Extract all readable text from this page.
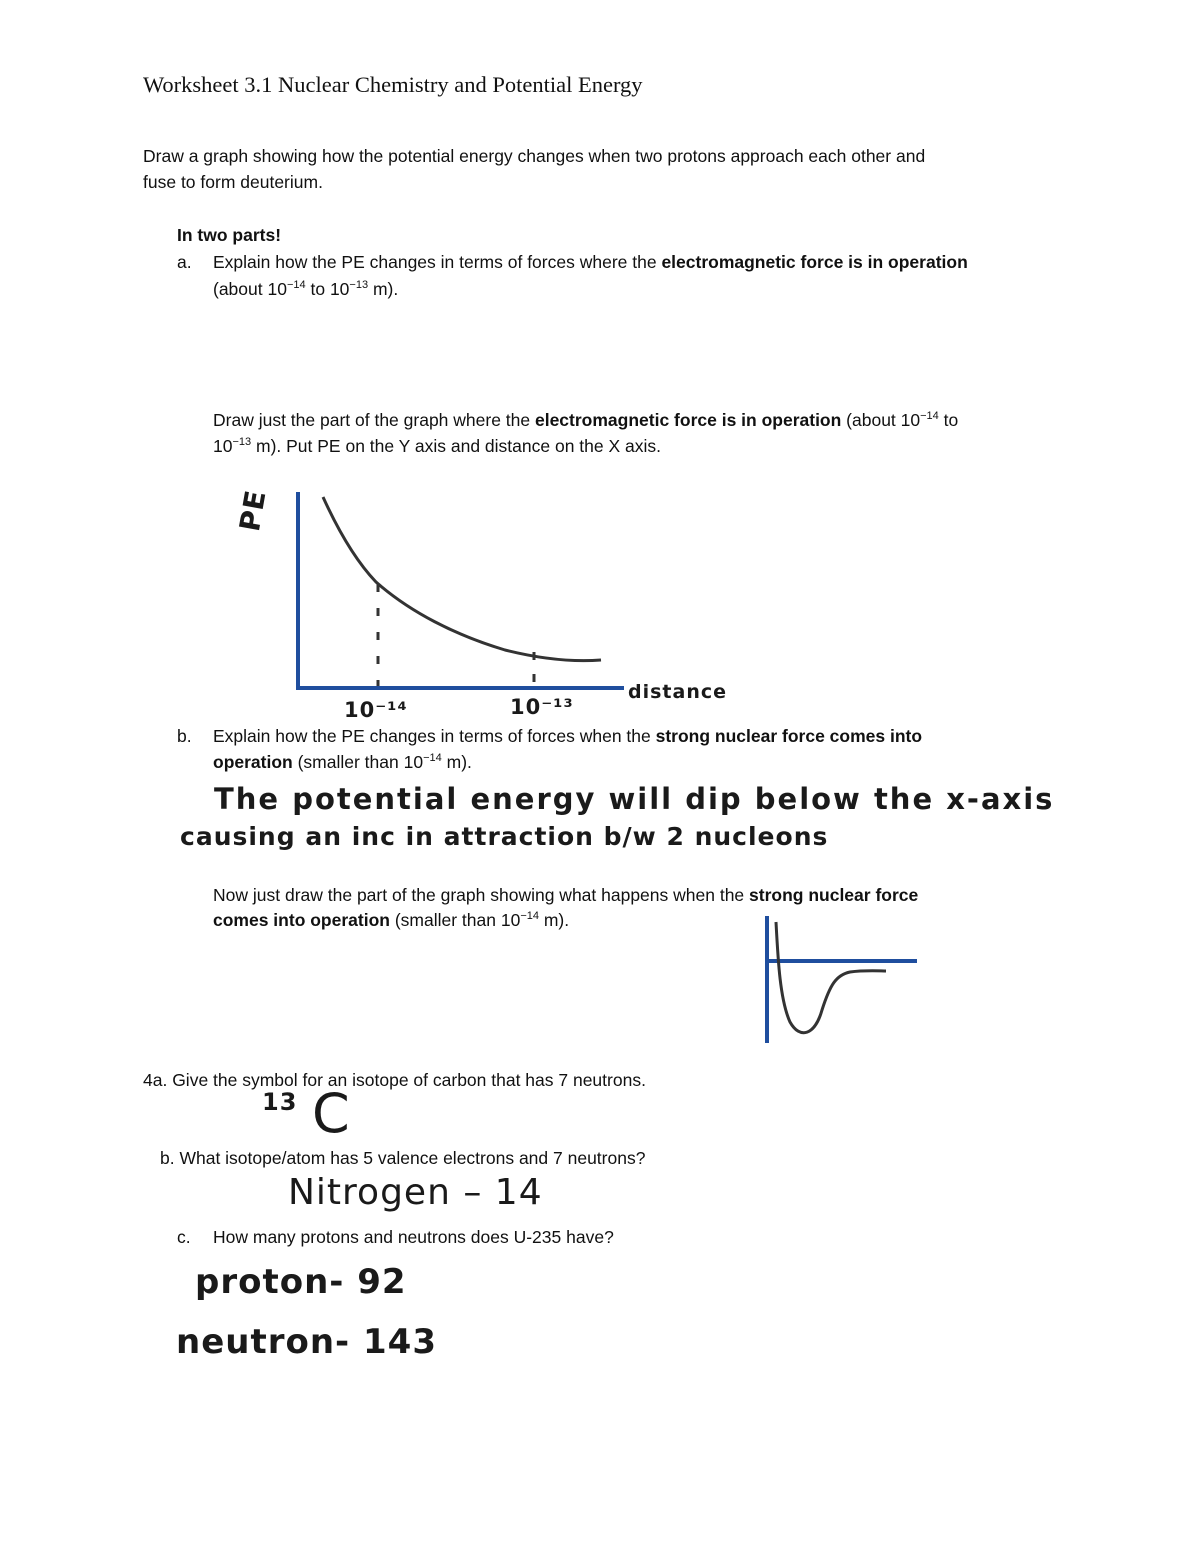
Worksheet 3.1 Nuclear Chemistry and Potential Energy
Draw a graph showing how the potential energy changes when two protons approach each other and
fuse to form deuterium.
In two parts!
a. Explain how the PE changes in terms of forces where the electromagnetic force is in operation
(about $10^{-14}$ to $10^{-13}$ m).
Draw just the part of the graph where the electromagnetic force is in operation (about $10^{-14}$ to
$10^{-13}$ m). Put PE on the Y axis and distance on the X axis.
PE
distance
10⁻¹⁴	10⁻¹³
b. Explain how the PE changes in terms of forces when the strong nuclear force comes into
operation (smaller than $10^{-14}$ m).
The potential energy will dip below the x-axis
causing an inc in attraction b/w 2 nucleons
Now just draw the part of the graph showing what happens when the strong nuclear force
comes into operation (smaller than $10^{-14}$ m).
4a. Give the symbol for an isotope of carbon that has 7 neutrons.
13 C
b. What isotope/atom has 5 valence electrons and 7 neutrons?
Nitrogen – 14
c. How many protons and neutrons does U-235 have?
proton- 92
neutron- 143
